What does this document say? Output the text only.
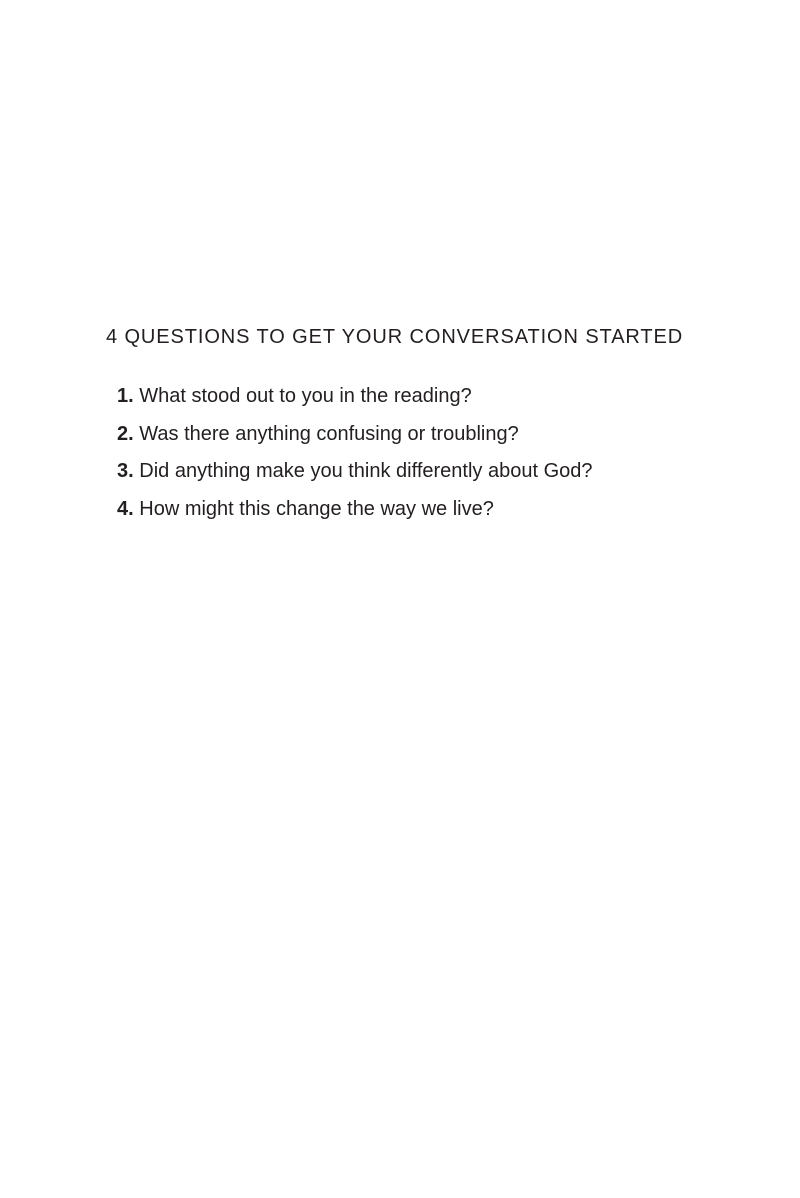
4 QUESTIONS TO GET YOUR CONVERSATION STARTED
1. What stood out to you in the reading?
2. Was there anything confusing or troubling?
3. Did anything make you think differently about God?
4. How might this change the way we live?
